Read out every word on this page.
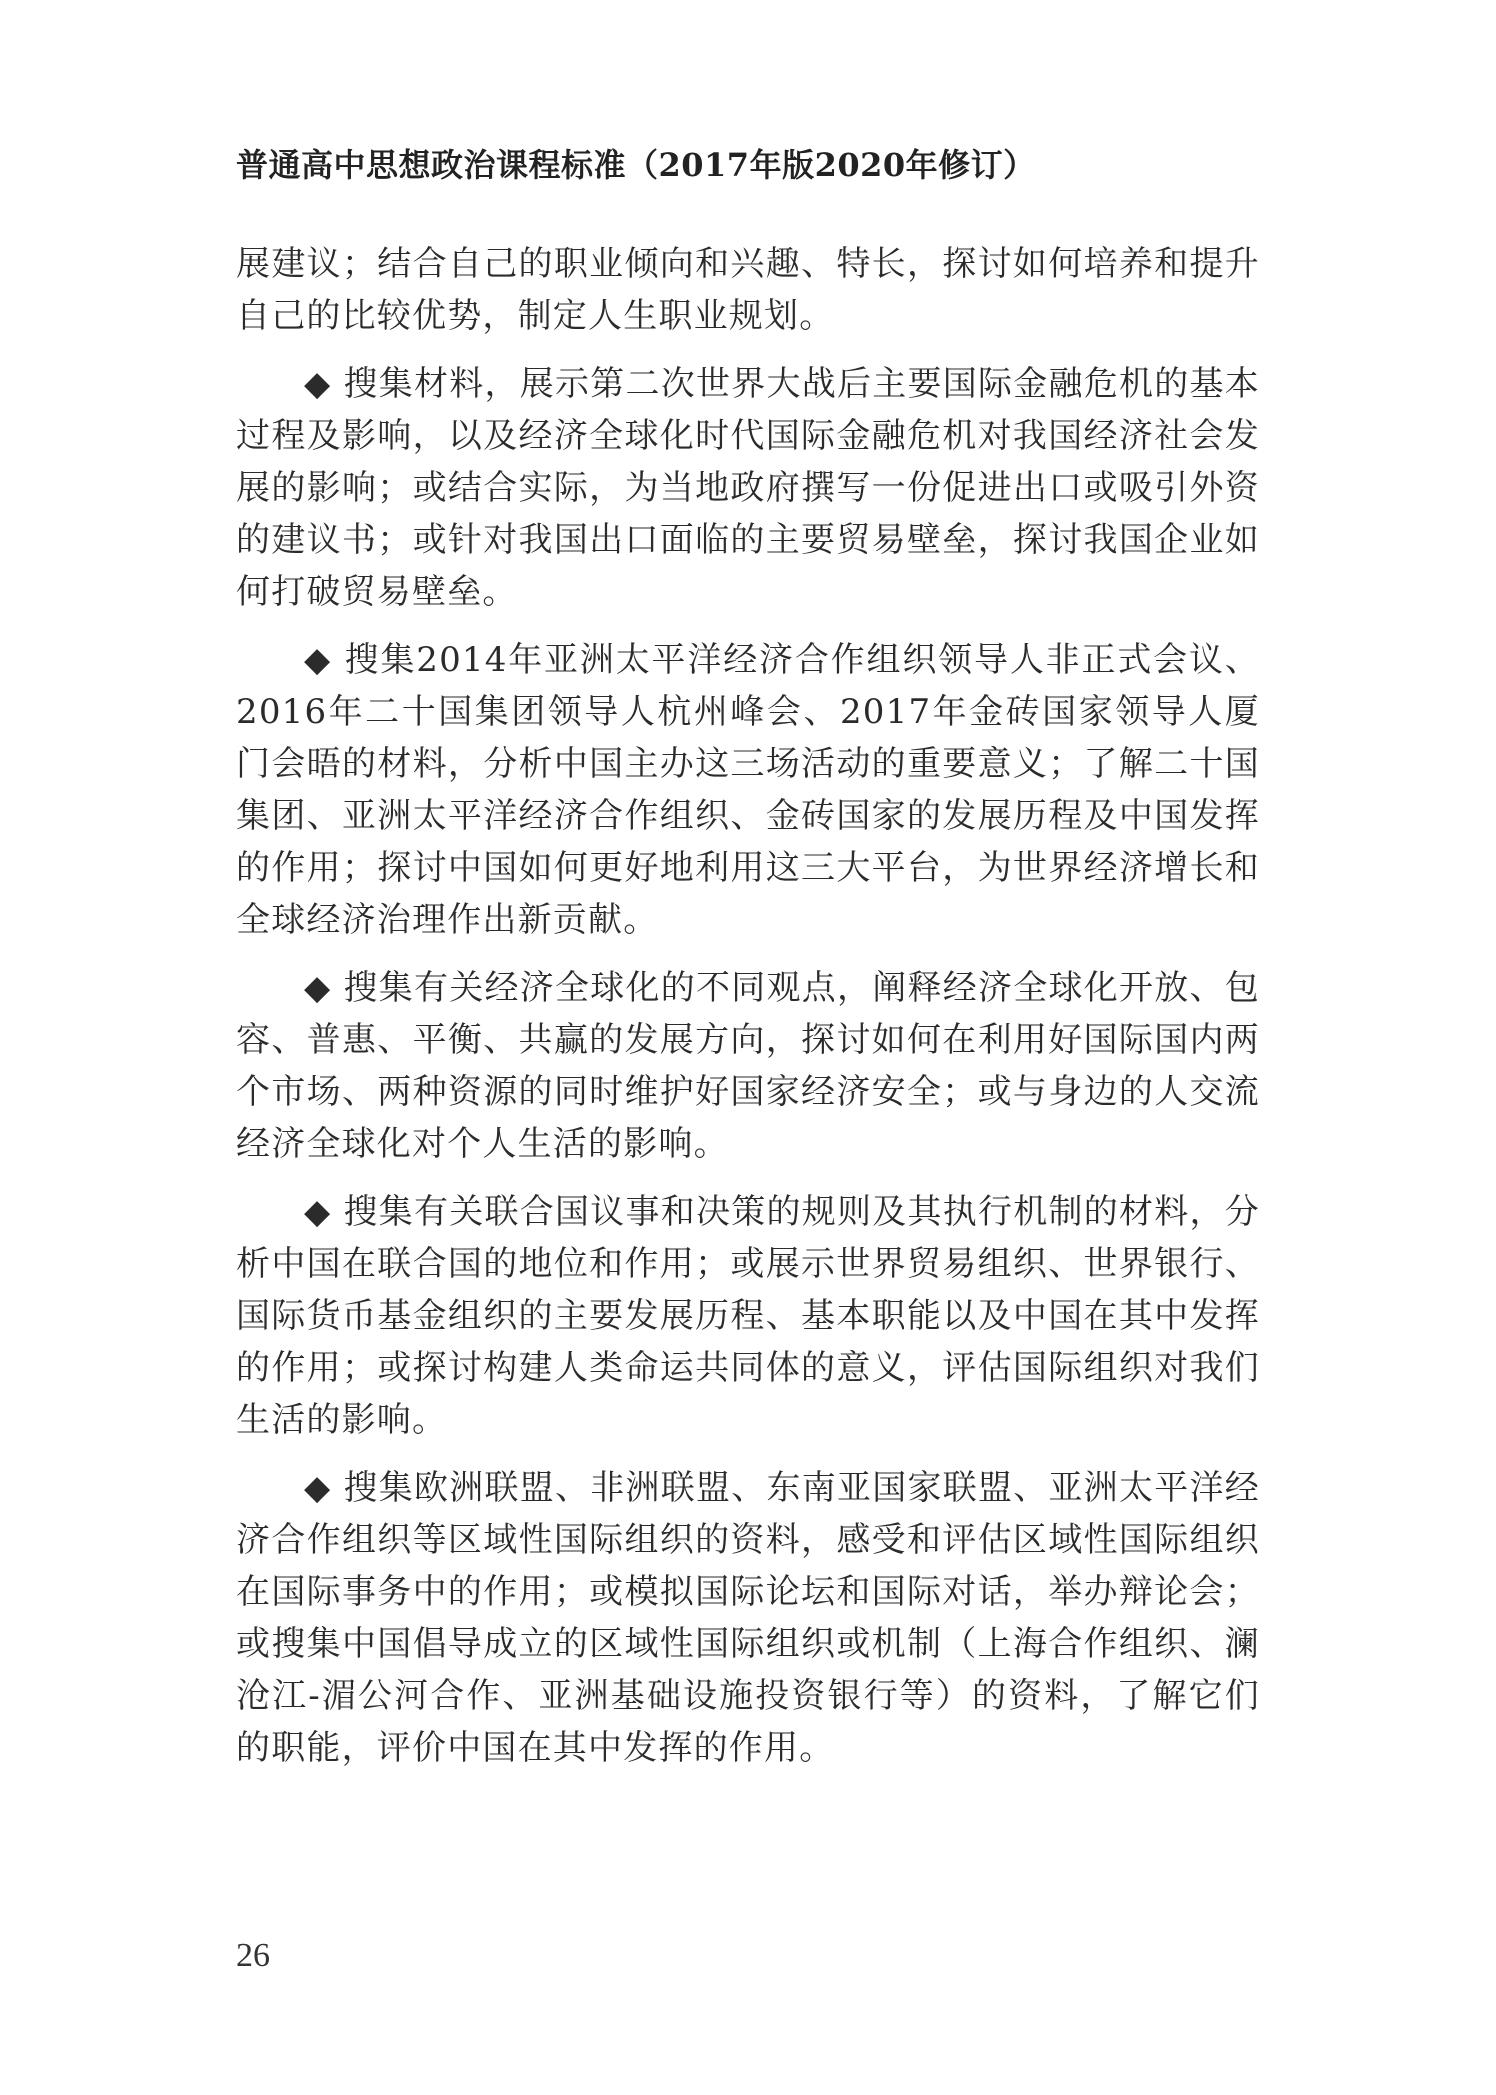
普通高中思想政治课程标准（2017年版2020年修订）

展建议；结合自己的职业倾向和兴趣、特长，探讨如何培养和提升自己的比较优势，制定人生职业规划。

◆ 搜集材料，展示第二次世界大战后主要国际金融危机的基本过程及影响，以及经济全球化时代国际金融危机对我国经济社会发展的影响；或结合实际，为当地政府撰写一份促进出口或吸引外资的建议书；或针对我国出口面临的主要贸易壁垒，探讨我国企业如何打破贸易壁垒。

◆ 搜集2014年亚洲太平洋经济合作组织领导人非正式会议、2016年二十国集团领导人杭州峰会、2017年金砖国家领导人厦门会晤的材料，分析中国主办这三场活动的重要意义；了解二十国集团、亚洲太平洋经济合作组织、金砖国家的发展历程及中国发挥的作用；探讨中国如何更好地利用这三大平台，为世界经济增长和全球经济治理作出新贡献。

◆ 搜集有关经济全球化的不同观点，阐释经济全球化开放、包容、普惠、平衡、共赢的发展方向，探讨如何在利用好国际国内两个市场、两种资源的同时维护好国家经济安全；或与身边的人交流经济全球化对个人生活的影响。

◆ 搜集有关联合国议事和决策的规则及其执行机制的材料，分析中国在联合国的地位和作用；或展示世界贸易组织、世界银行、国际货币基金组织的主要发展历程、基本职能以及中国在其中发挥的作用；或探讨构建人类命运共同体的意义，评估国际组织对我们生活的影响。

◆ 搜集欧洲联盟、非洲联盟、东南亚国家联盟、亚洲太平洋经济合作组织等区域性国际组织的资料，感受和评估区域性国际组织在国际事务中的作用；或模拟国际论坛和国际对话，举办辩论会；或搜集中国倡导成立的区域性国际组织或机制（上海合作组织、澜沧江-湄公河合作、亚洲基础设施投资银行等）的资料，了解它们的职能，评价中国在其中发挥的作用。

26
